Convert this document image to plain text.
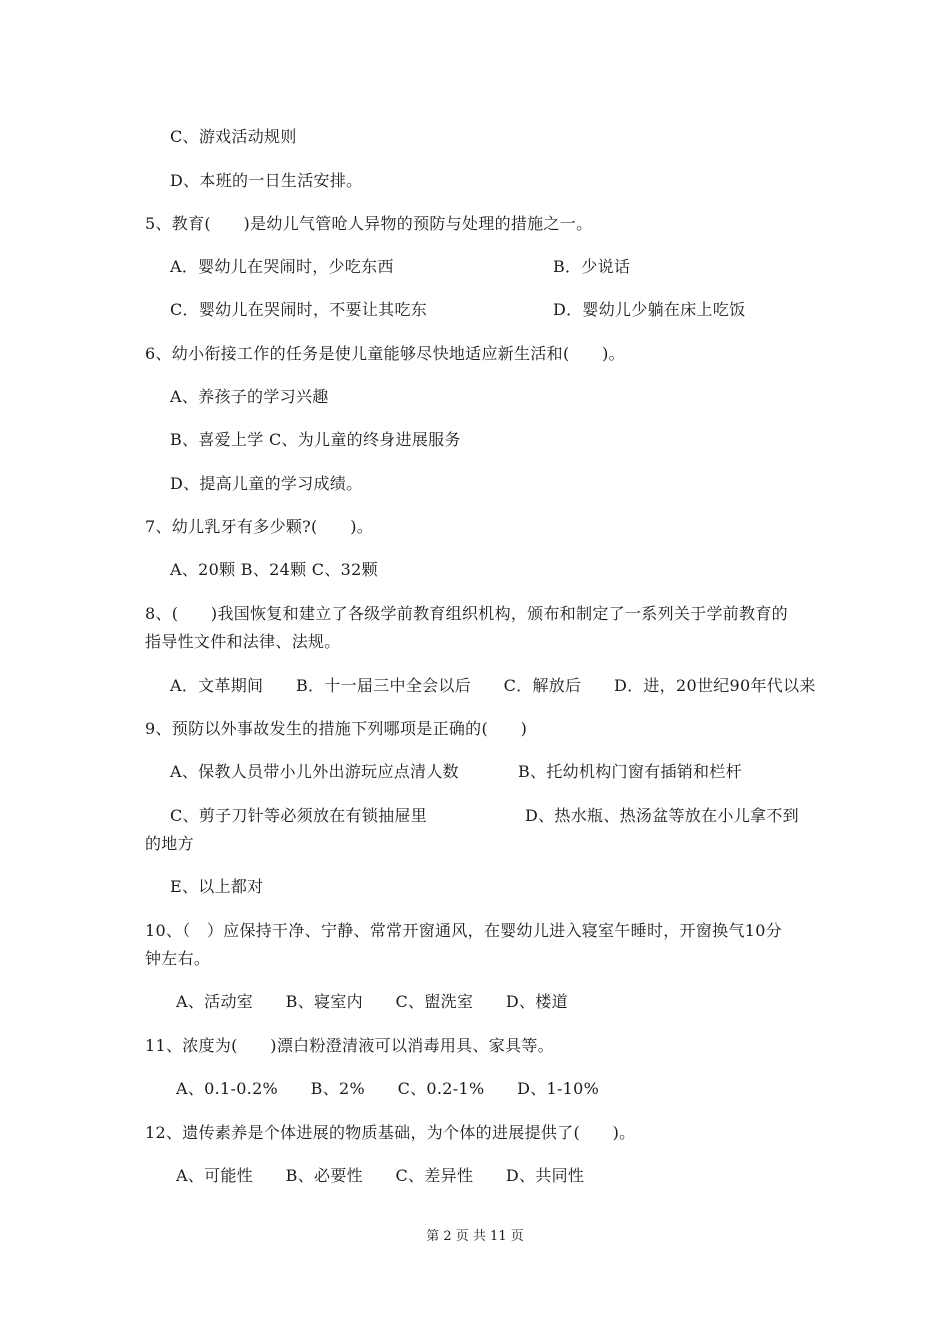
C、游戏活动规则
D、本班的一日生活安排。
5、教育(　　)是幼儿气管呛人异物的预防与处理的措施之一。
A．婴幼儿在哭闹时，少吃东西	B．少说话
C．婴幼儿在哭闹时，不要让其吃东	D．婴幼儿少躺在床上吃饭
6、幼小衔接工作的任务是使儿童能够尽快地适应新生活和(　　)。
A、养孩子的学习兴趣
B、喜爱上学 C、为儿童的终身进展服务
D、提高儿童的学习成绩。
7、幼儿乳牙有多少颗?(　　)。
A、20颗 B、24颗 C、32颗
8、(　　)我国恢复和建立了各级学前教育组织机构，颁布和制定了一系列关于学前教育的
指导性文件和法律、法规。
A．文革期间　　B．十一届三中全会以后　　C．解放后　　D．进，20世纪90年代以来
9、预防以外事故发生的措施下列哪项是正确的(　　)
A、保教人员带小儿外出游玩应点清人数	B、托幼机构门窗有插销和栏杆
C、剪子刀针等必须放在有锁抽屉里	D、热水瓶、热汤盆等放在小儿拿不到
的地方
E、以上都对
10、（　）应保持干净、宁静、常常开窗通风，在婴幼儿进入寝室午睡时，开窗换气10分
钟左右。
A、活动室　　B、寝室内　　C、盥洗室　　D、楼道
11、浓度为(　　)漂白粉澄清液可以消毒用具、家具等。
A、0.1-0.2%　　B、2%　　C、0.2-1%　　D、1-10%
12、遗传素养是个体进展的物质基础，为个体的进展提供了(　　)。
A、可能性　　B、必要性　　C、差异性　　D、共同性
第 2 页 共 11 页
